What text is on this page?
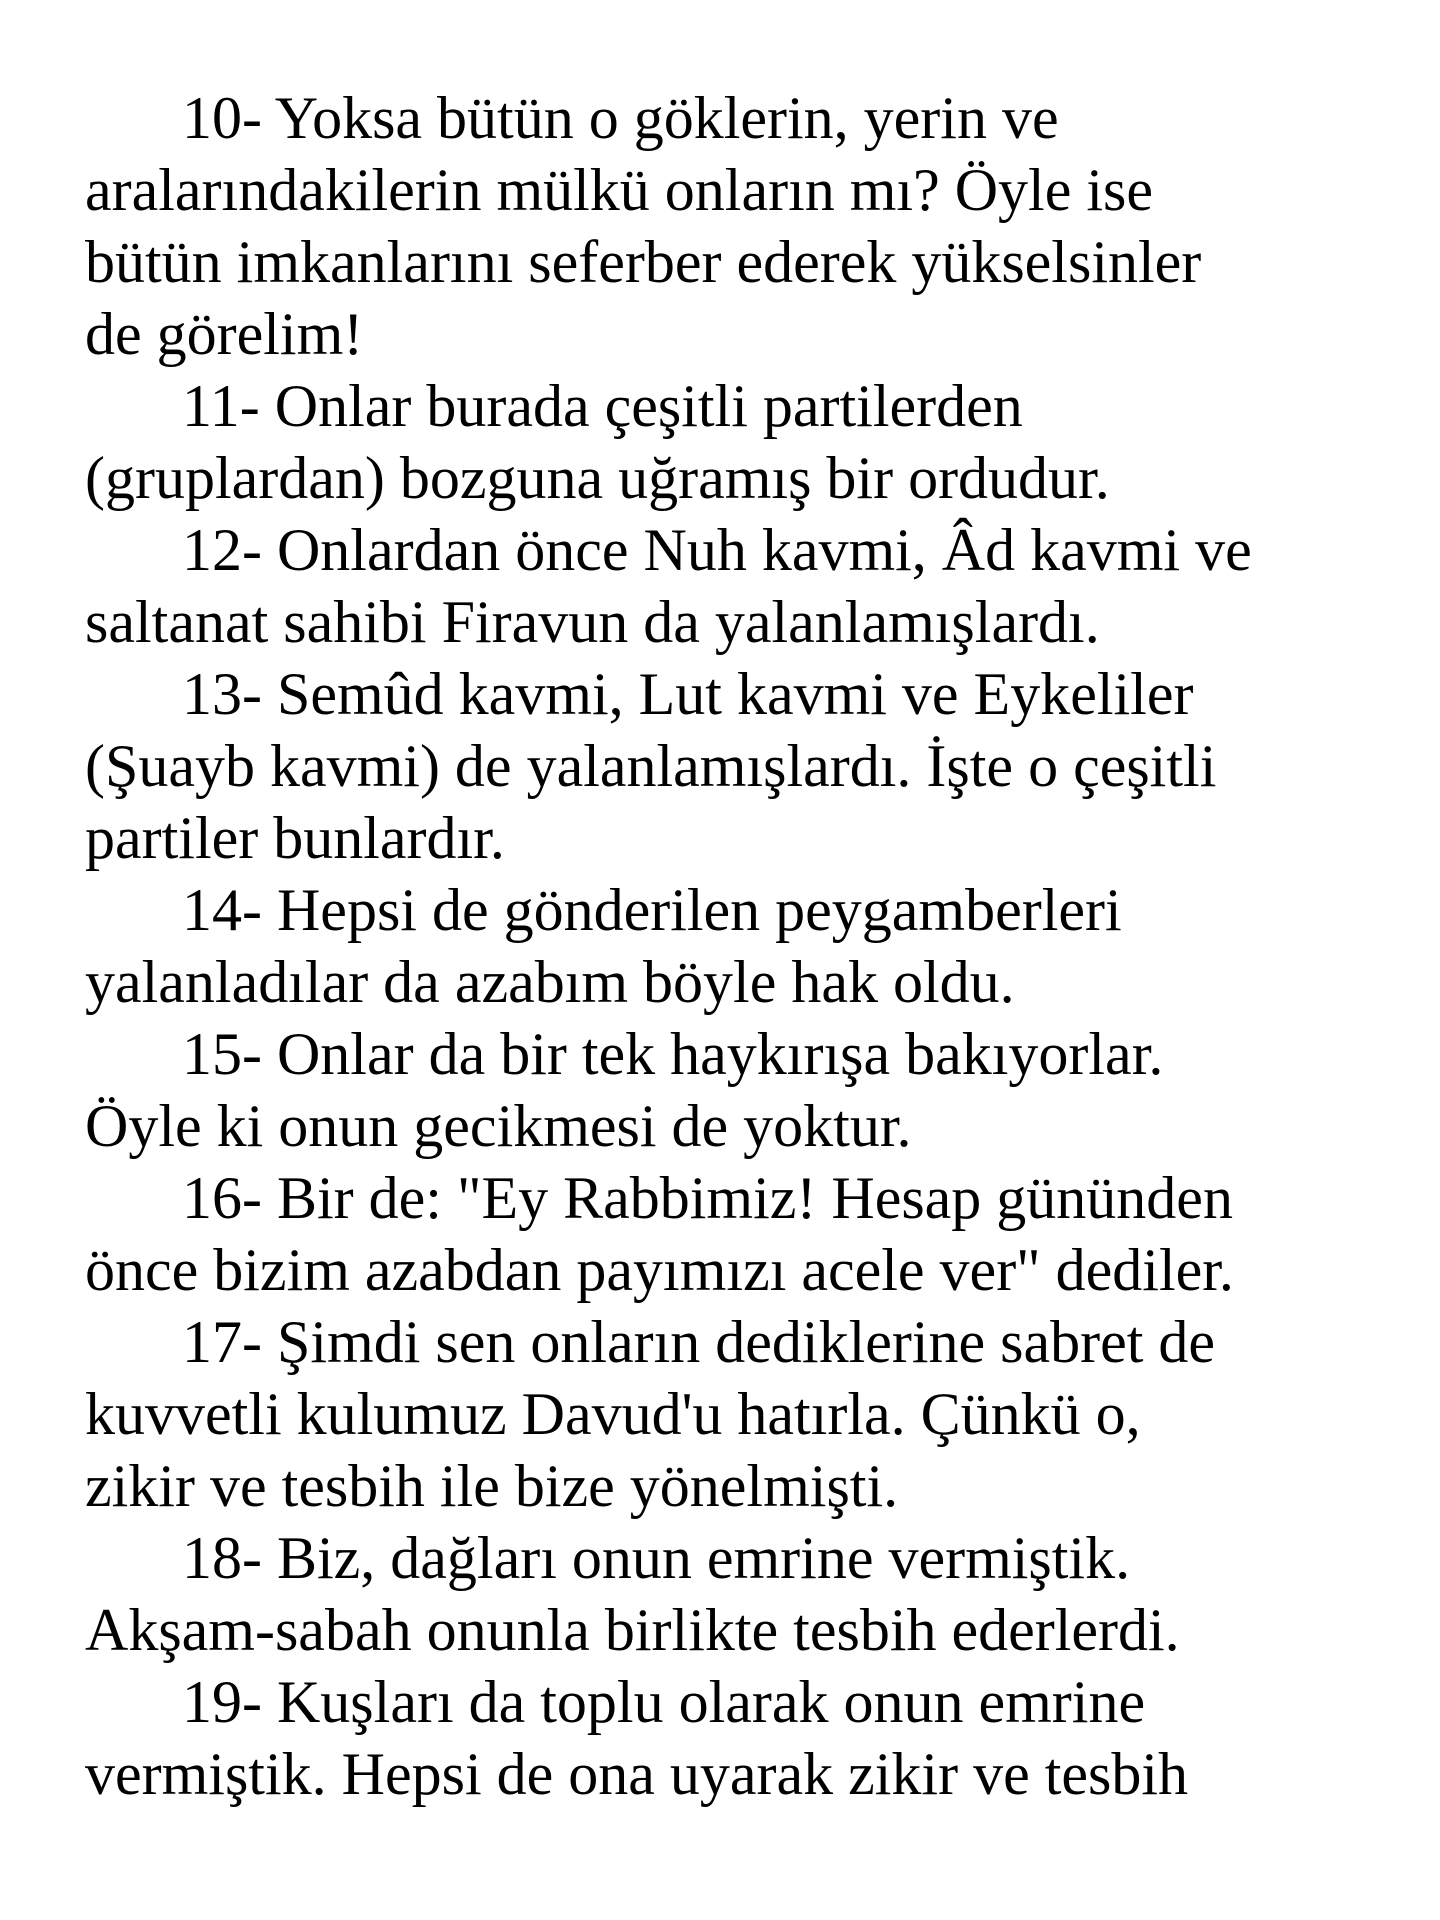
10- Yoksa bütün o göklerin, yerin ve
aralarındakilerin mülkü onların mı? Öyle ise
bütün imkanlarını seferber ederek yükselsinler
de görelim!

11- Onlar burada çeşitli partilerden
(gruplardan) bozguna uğramış bir ordudur.

12- Onlardan önce Nuh kavmi, Âd kavmi ve
saltanat sahibi Firavun da yalanlamışlardı.

13- Semûd kavmi, Lut kavmi ve Eykeliler
(Şuayb kavmi) de yalanlamışlardı. İşte o çeşitli
partiler bunlardır.

14- Hepsi de gönderilen peygamberleri
yalanladılar da azabım böyle hak oldu.

15- Onlar da bir tek haykırışa bakıyorlar.
Öyle ki onun gecikmesi de yoktur.

16- Bir de: "Ey Rabbimiz! Hesap gününden
önce bizim azabdan payımızı acele ver" dediler.

17- Şimdi sen onların dediklerine sabret de
kuvvetli kulumuz Davud'u hatırla. Çünkü o,
zikir ve tesbih ile bize yönelmişti.

18- Biz, dağları onun emrine vermiştik.
Akşam-sabah onunla birlikte tesbih ederlerdi.

19- Kuşları da toplu olarak onun emrine
vermiştik. Hepsi de ona uyarak zikir ve tesbih
